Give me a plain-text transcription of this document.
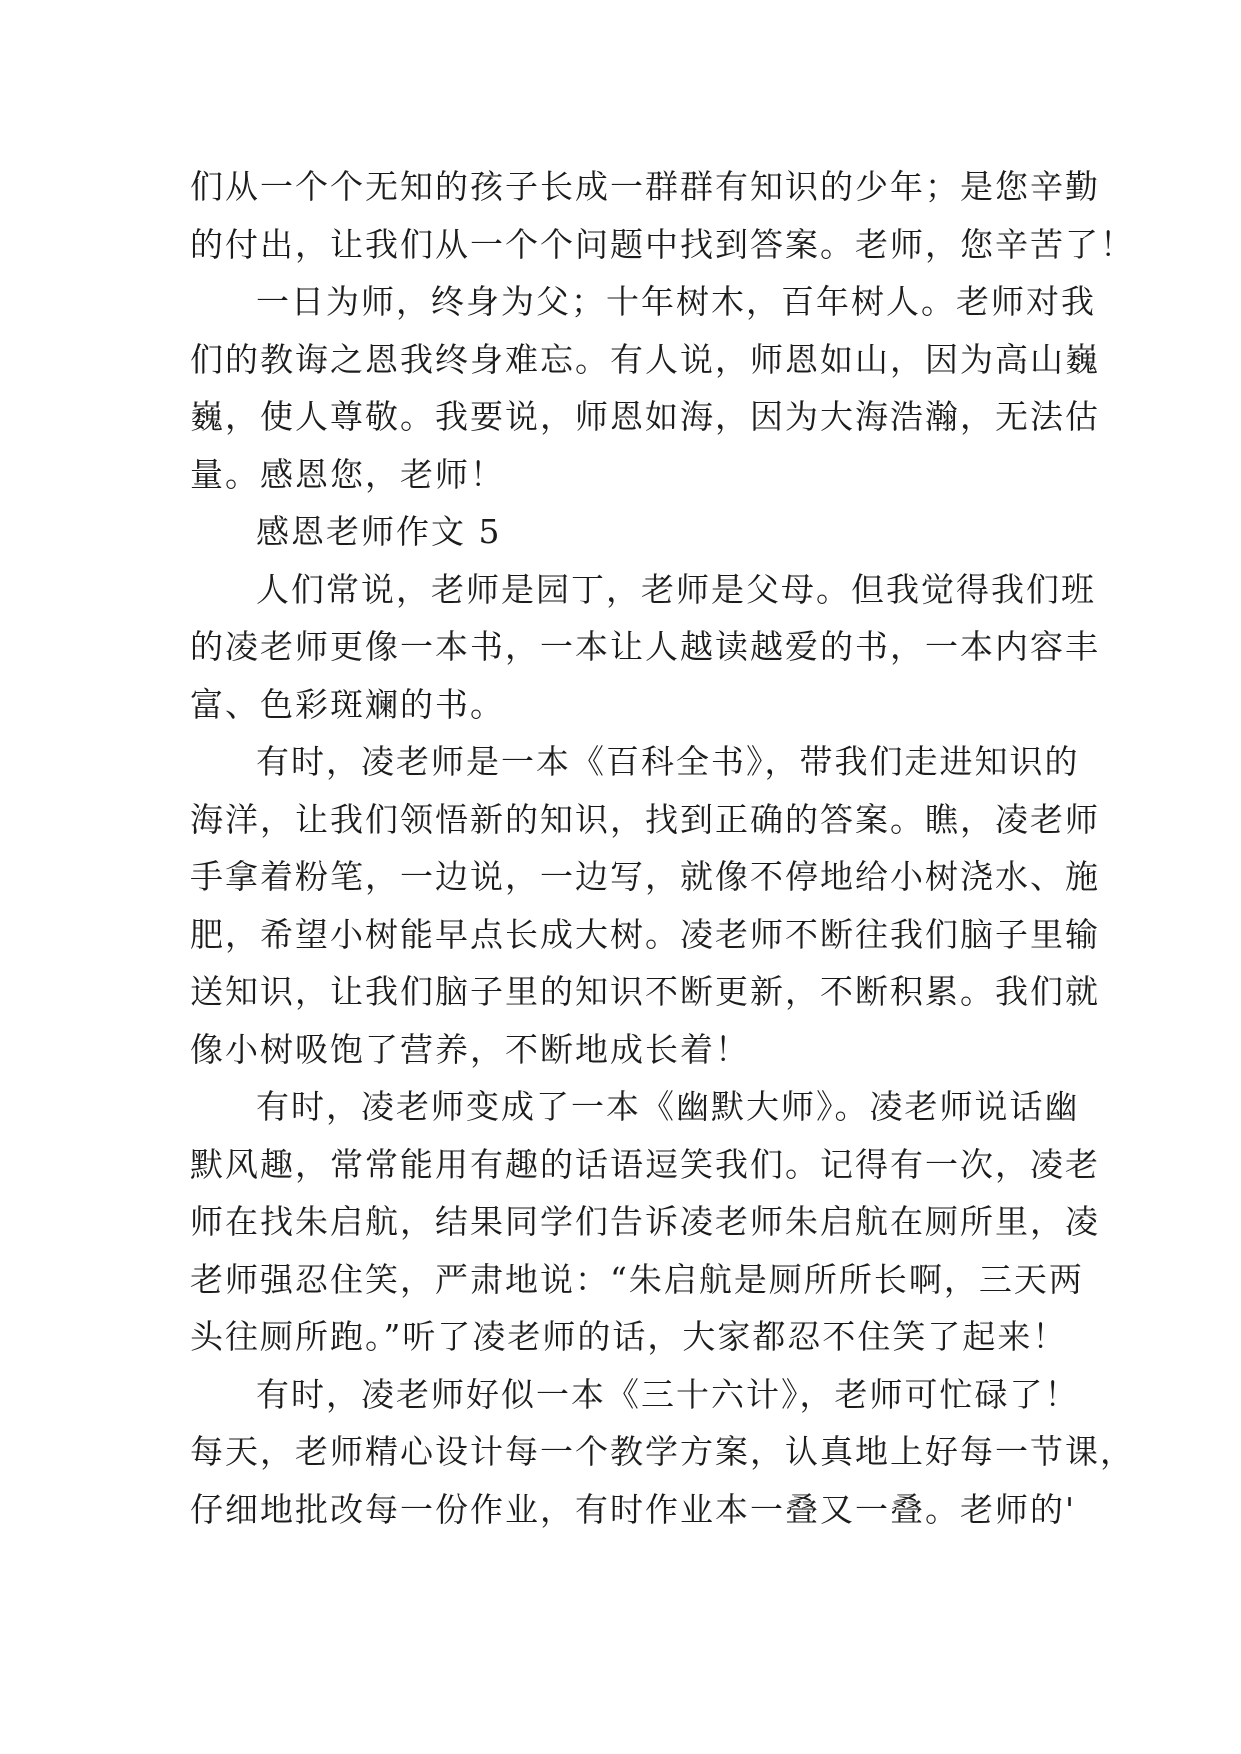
们从一个个无知的孩子长成一群群有知识的少年；是您辛勤
的付出，让我们从一个个问题中找到答案。老师，您辛苦了！
一日为师，终身为父；十年树木，百年树人。老师对我
们的教诲之恩我终身难忘。有人说，师恩如山，因为高山巍
巍，使人尊敬。我要说，师恩如海，因为大海浩瀚，无法估
量。感恩您，老师！
感恩老师作文 5
人们常说，老师是园丁，老师是父母。但我觉得我们班
的凌老师更像一本书，一本让人越读越爱的书，一本内容丰
富、色彩斑斓的书。
有时，凌老师是一本《百科全书》，带我们走进知识的
海洋，让我们领悟新的知识，找到正确的答案。瞧，凌老师
手拿着粉笔，一边说，一边写，就像不停地给小树浇水、施
肥，希望小树能早点长成大树。凌老师不断往我们脑子里输
送知识，让我们脑子里的知识不断更新，不断积累。我们就
像小树吸饱了营养，不断地成长着！
有时，凌老师变成了一本《幽默大师》。凌老师说话幽
默风趣，常常能用有趣的话语逗笑我们。记得有一次，凌老
师在找朱启航，结果同学们告诉凌老师朱启航在厕所里，凌
老师强忍住笑，严肃地说：“朱启航是厕所所长啊，三天两
头往厕所跑。”听了凌老师的话，大家都忍不住笑了起来！
有时，凌老师好似一本《三十六计》，老师可忙碌了！
每天，老师精心设计每一个教学方案，认真地上好每一节课，
仔细地批改每一份作业，有时作业本一叠又一叠。老师的'
